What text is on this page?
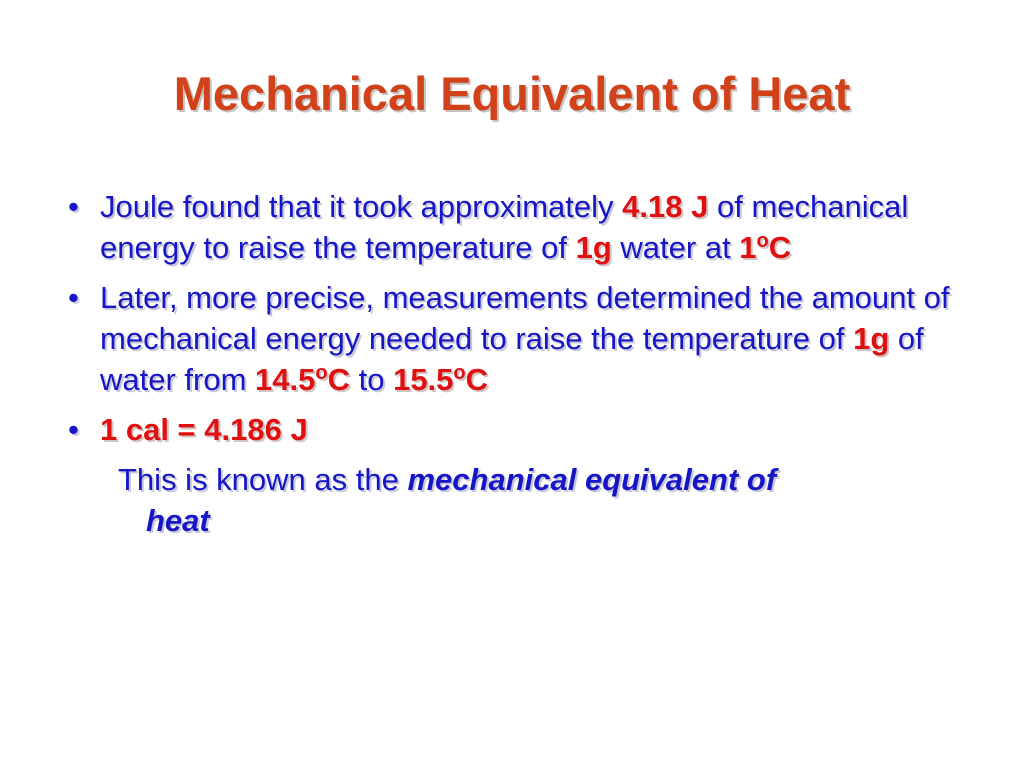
Mechanical Equivalent of Heat
• Joule found that it took approximately 4.18 J of mechanical energy to raise the temperature of 1g water at 1$^o$C
• Later, more precise, measurements determined the amount of mechanical energy needed to raise the temperature of 1g of water from 14.5$^o$C to 15.5$^o$C
• 1 cal = 4.186 J
This is known as the mechanical equivalent of
heat
